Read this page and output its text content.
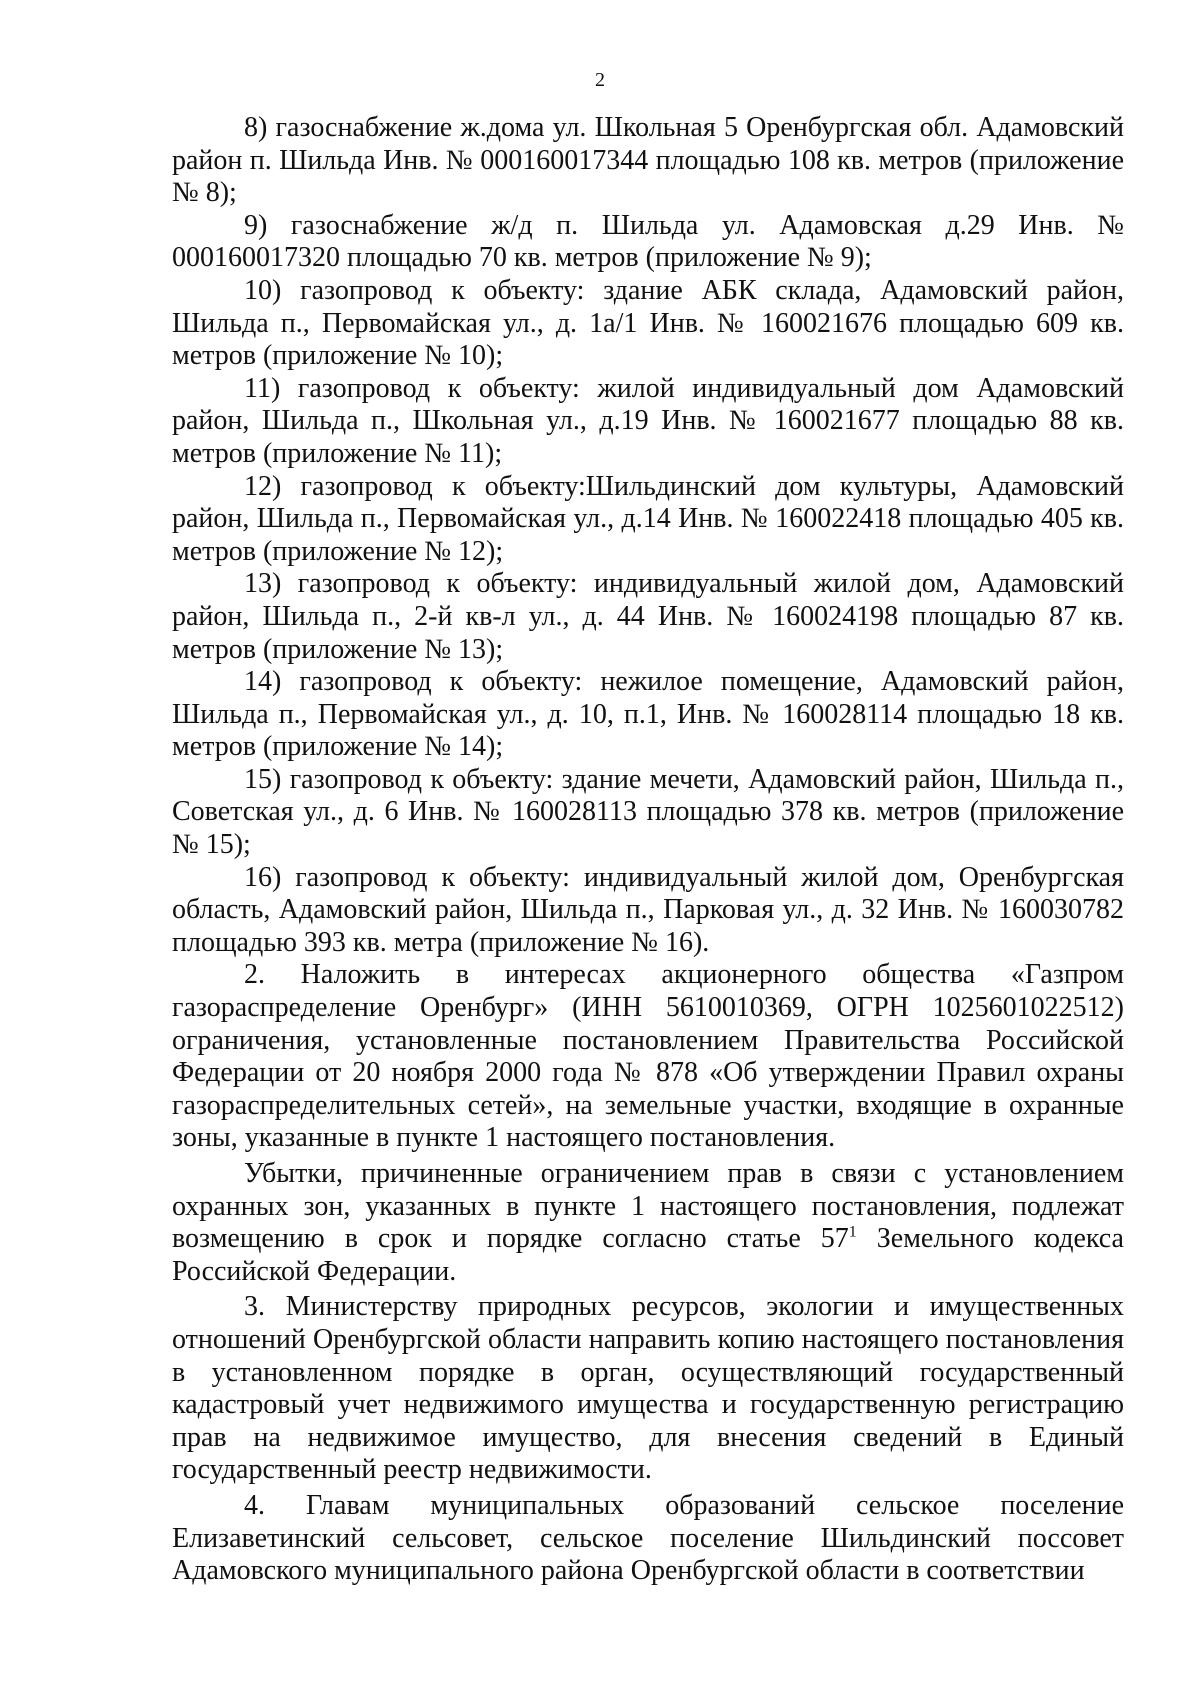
2

8) газоснабжение ж.дома ул. Школьная 5 Оренбургская обл. Адамовский район п. Шильда Инв. № 000160017344 площадью 108 кв. метров (приложение № 8);

9) газоснабжение ж/д п. Шильда ул. Адамовская д.29 Инв. № 000160017320 площадью 70 кв. метров (приложение № 9);

10) газопровод к объекту: здание АБК склада, Адамовский район, Шильда п., Первомайская ул., д. 1а/1 Инв. № 160021676 площадью 609 кв. метров (приложение № 10);

11) газопровод к объекту: жилой индивидуальный дом Адамовский район, Шильда п., Школьная ул., д.19 Инв. № 160021677 площадью 88 кв. метров (приложение № 11);

12) газопровод к объекту:Шильдинский дом культуры, Адамовский район, Шильда п., Первомайская ул., д.14 Инв. № 160022418 площадью 405 кв. метров (приложение № 12);

13) газопровод к объекту: индивидуальный жилой дом, Адамовский район, Шильда п., 2-й кв-л ул., д. 44 Инв. № 160024198 площадью 87 кв. метров (приложение № 13);

14) газопровод к объекту: нежилое помещение, Адамовский район, Шильда п., Первомайская ул., д. 10, п.1, Инв. № 160028114 площадью 18 кв. метров (приложение № 14);

15) газопровод к объекту: здание мечети, Адамовский район, Шильда п., Советская ул., д. 6 Инв. № 160028113 площадью 378 кв. метров (приложение № 15);

16) газопровод к объекту: индивидуальный жилой дом, Оренбургская область, Адамовский район, Шильда п., Парковая ул., д. 32 Инв. № 160030782 площадью 393 кв. метра (приложение № 16).

2. Наложить в интересах акционерного общества «Газпром газораспределение Оренбург» (ИНН 5610010369, ОГРН 1025601022512) ограничения, установленные постановлением Правительства Российской Федерации от 20 ноября 2000 года № 878 «Об утверждении Правил охраны газораспределительных сетей», на земельные участки, входящие в охранные зоны, указанные в пункте 1 настоящего постановления.

Убытки, причиненные ограничением прав в связи с установлением охранных зон, указанных в пункте 1 настоящего постановления, подлежат возмещению в срок и порядке согласно статье $57^1$ Земельного кодекса Российской Федерации.

3. Министерству природных ресурсов, экологии и имущественных отношений Оренбургской области направить копию настоящего постановления в установленном порядке в орган, осуществляющий государственный кадастровый учет недвижимого имущества и государственную регистрацию прав на недвижимое имущество, для внесения сведений в Единый государственный реестр недвижимости.

4. Главам муниципальных образований сельское поселение Елизаветинский сельсовет, сельское поселение Шильдинский поссовет Адамовского муниципального района Оренбургской области в соответствии
